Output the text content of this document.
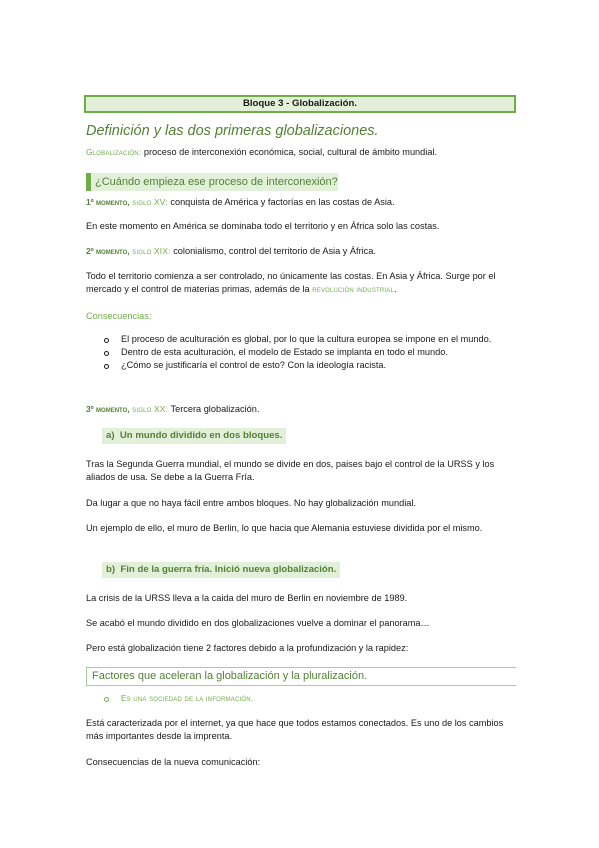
Bloque 3 - Globalización.
Definición y las dos primeras globalizaciones.
Globalización: proceso de interconexión económica, social, cultural de ámbito mundial.
¿Cuándo empieza ese proceso de interconexión?
1º momento, siglo XV: conquista de América y factorías en las costas de Asia.
En este momento en América se dominaba todo el territorio y en África solo las costas.
2º momento, siglo XIX: colonialismo, control del territorio de Asia y África.
Todo el territorio comienza a ser controlado, no únicamente las costas. En Asia y África. Surge por el mercado y el control de materias primas, además de la revolución industrial.
Consecuencias:
El proceso de aculturación es global, por lo que la cultura europea se impone en el mundo.
Dentro de esta aculturación, el modelo de Estado se implanta en todo el mundo.
¿Cómo se justificaría el control de esto? Con la ideología racista.
3º momento, siglo XX: Tercera globalización.
a) Un mundo dividido en dos bloques.
Tras la Segunda Guerra mundial, el mundo se divide en dos, paises bajo el control de la URSS y los aliados de usa. Se debe a la Guerra Fría.
Da lugar a que no haya fácil entre ambos bloques. No hay globalización mundial.
Un ejemplo de ello, el muro de Berlin, lo que hacia que Alemania estuviese dividida por el mismo.
b) Fin de la guerra fría. Inició nueva globalización.
La crisis de la URSS lleva a la caida del muro de Berlin en noviembre de 1989.
Se acabó el mundo dividido en dos globalizaciones vuelve a dominar el panorama…
Pero está globalización tiene 2 factores debido a la profundización y la rapidez:
Factores que aceleran la globalización y la pluralización.
Es una sociedad de la información.
Está caracterizada por el internet, ya que hace que todos estamos conectados. Es uno de los cambios más importantes desde la imprenta.
Consecuencias de la nueva comunicación:
